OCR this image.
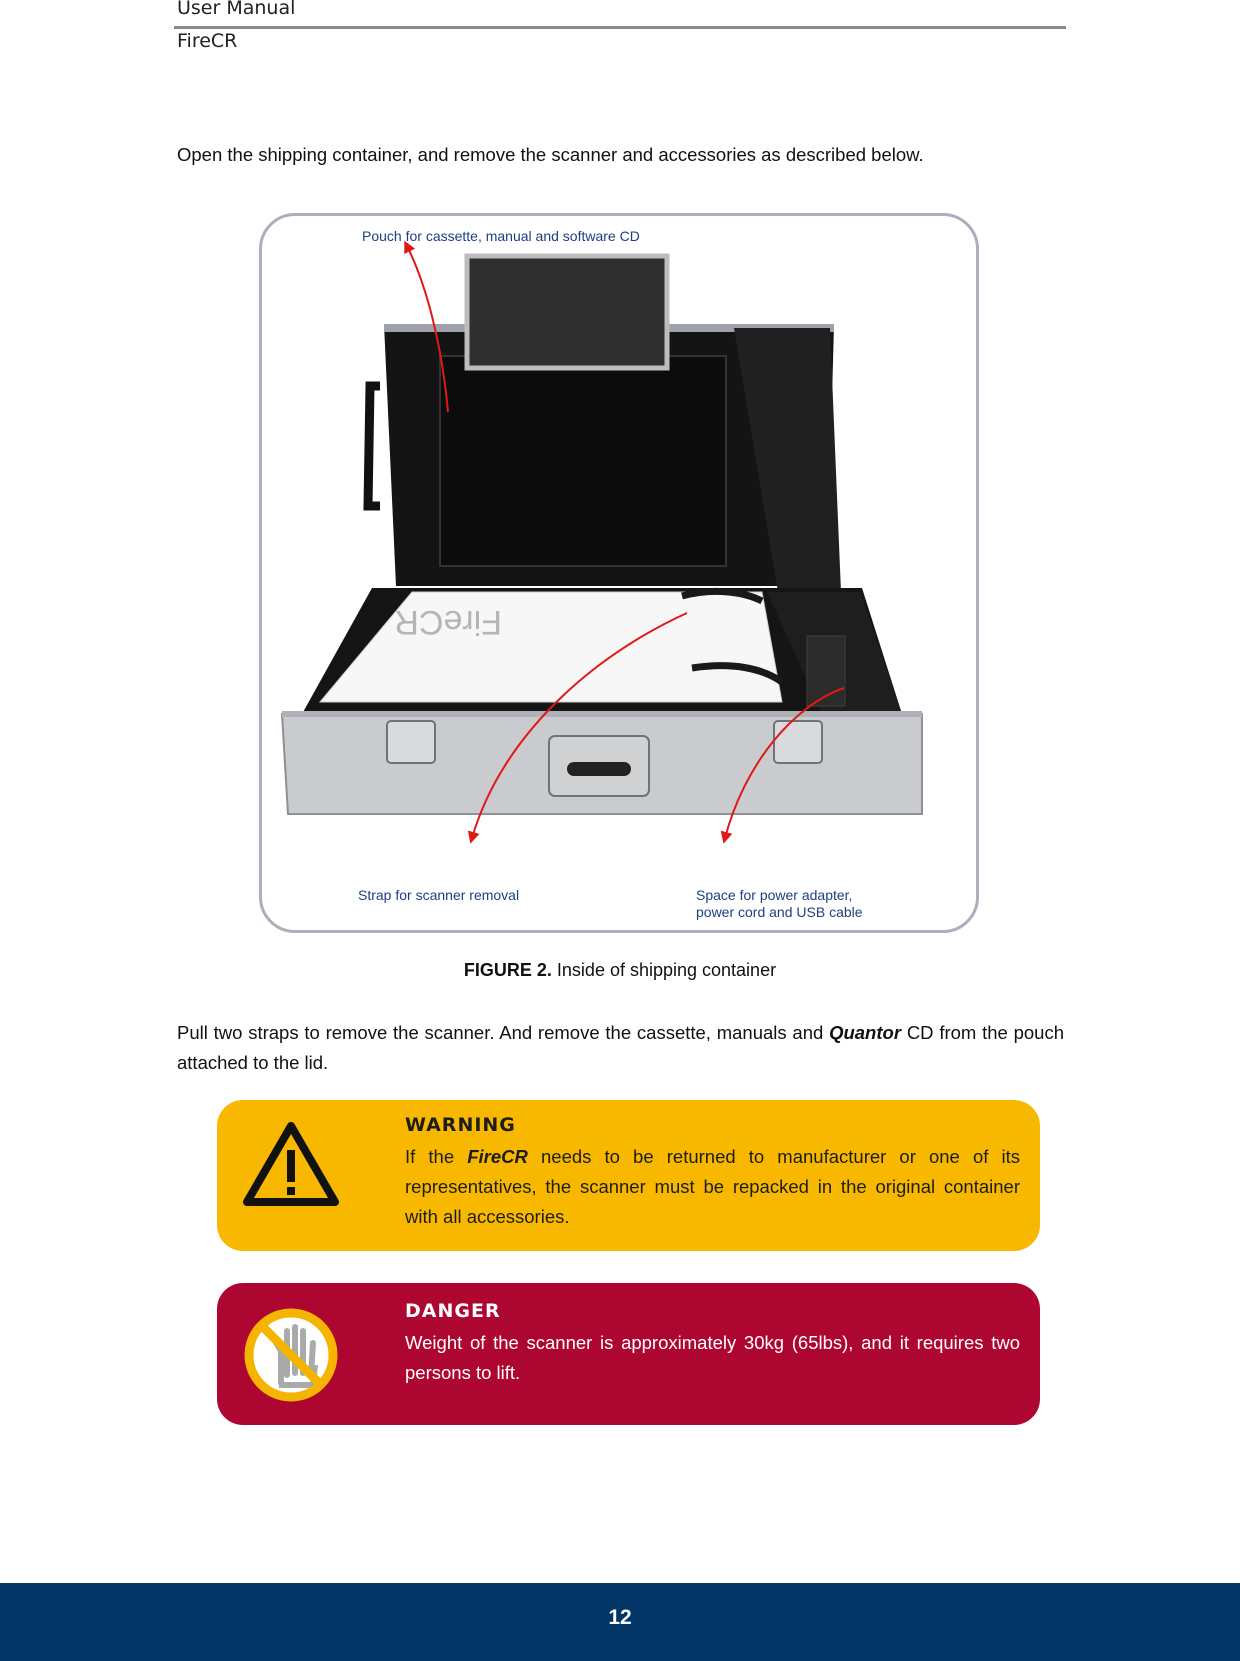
User Manual
FireCR
Open the shipping container, and remove the scanner and accessories as described below.
FireCR
Pouch for cassette, manual and software CD
Strap for scanner removal	Space for power adapter,
power cord and USB cable
FIGURE 2. Inside of shipping container
Pull two straps to remove the scanner. And remove the cassette, manuals and Quantor CD from the pouch attached to the lid.
WARNING
If the FireCR needs to be returned to manufacturer or one of its representatives, the scanner must be repacked in the original container with all accessories.
DANGER
Weight of the scanner is approximately 30kg (65lbs), and it requires two persons to lift.
12
